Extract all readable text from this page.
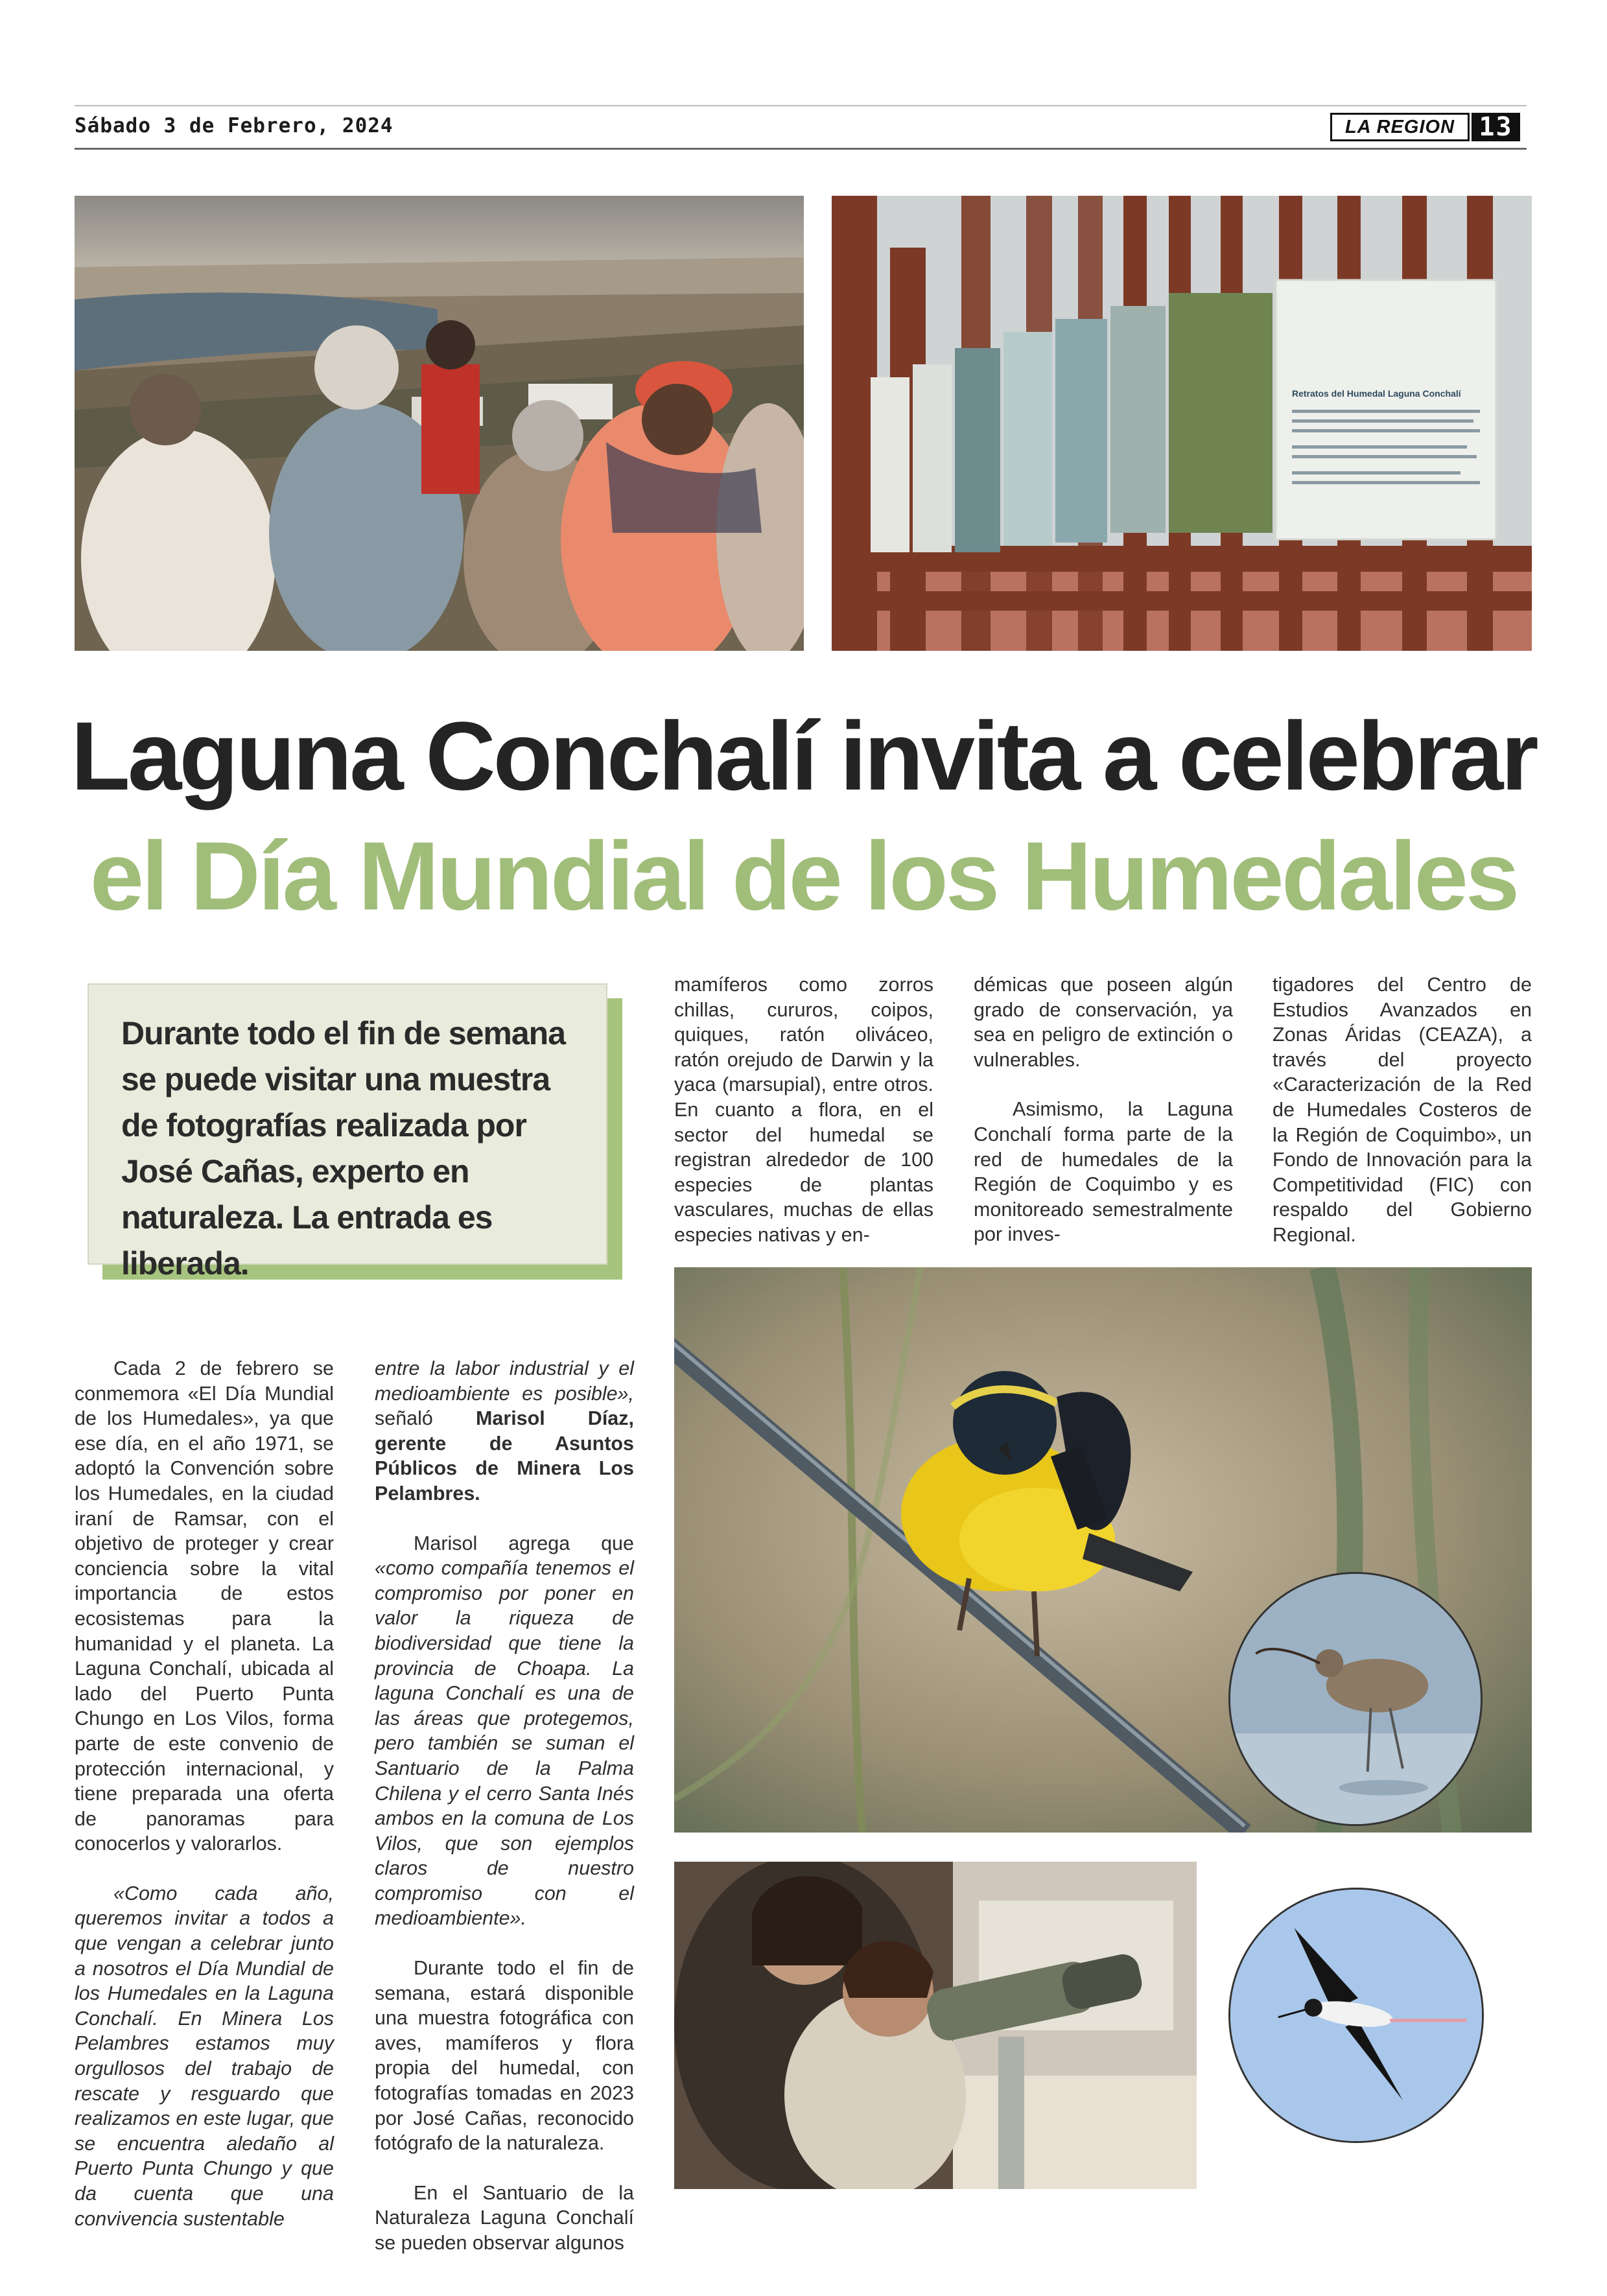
Sábado 3 de Febrero, 2024	LA REGION 13
Retratos del Humedal Laguna Conchalí
Laguna Conchalí invita a celebrar
el Día Mundial de los Humedales

Durante todo el fin de semana se puede visitar una muestra de fotografías realizada por José Cañas, experto en naturaleza. La entrada es liberada.

Cada 2 de febrero se conmemora «El Día Mundial de los Humedales», ya que ese día, en el año 1971, se adoptó la Convención sobre los Humedales, en la ciudad iraní de Ramsar, con el objetivo de proteger y crear conciencia sobre la vital importancia de estos ecosistemas para la humanidad y el planeta. La Laguna Conchalí, ubicada al lado del Puerto Punta Chungo en Los Vilos, forma parte de este convenio de protección internacional, y tiene preparada una oferta de panoramas para conocerlos y valorarlos.

«Como cada año, queremos invitar a todos a que vengan a celebrar junto a nosotros el Día Mundial de los Humedales en la Laguna Conchalí. En Minera Los Pelambres estamos muy orgullosos del trabajo de rescate y resguardo que realizamos en este lugar, que se encuentra aledaño al Puerto Punta Chungo y que da cuenta que una convivencia sustentable

entre la labor industrial y el medioambiente es posible», señaló Marisol Díaz, gerente de Asuntos Públicos de Minera Los Pelambres.

Marisol agrega que «como compañía tenemos el compromiso por poner en valor la riqueza de biodiversidad que tiene la provincia de Choapa. La laguna Conchalí es una de las áreas que protegemos, pero también se suman el Santuario de la Palma Chilena y el cerro Santa Inés ambos en la comuna de Los Vilos, que son ejemplos claros de nuestro compromiso con el medioambiente».

Durante todo el fin de semana, estará disponible una muestra fotográfica con aves, mamíferos y flora propia del humedal, con fotografías tomadas en 2023 por José Cañas, reconocido fotógrafo de la naturaleza.

En el Santuario de la Naturaleza Laguna Conchalí se pueden observar algunos

mamíferos como zorros chillas, cururos, coipos, quiques, ratón oliváceo, ratón orejudo de Darwin y la yaca (marsupial), entre otros. En cuanto a flora, en el sector del humedal se registran alrededor de 100 especies de plantas vasculares, muchas de ellas especies nativas y en-

démicas que poseen algún grado de conservación, ya sea en peligro de extinción o vulnerables.

Asimismo, la Laguna Conchalí forma parte de la red de humedales de la Región de Coquimbo y es monitoreado semestralmente por inves-

tigadores del Centro de Estudios Avanzados en Zonas Áridas (CEAZA), a través del proyecto «Caracterización de la Red de Humedales Costeros de la Región de Coquimbo», un Fondo de Innovación para la Competitividad (FIC) con respaldo del Gobierno Regional.
